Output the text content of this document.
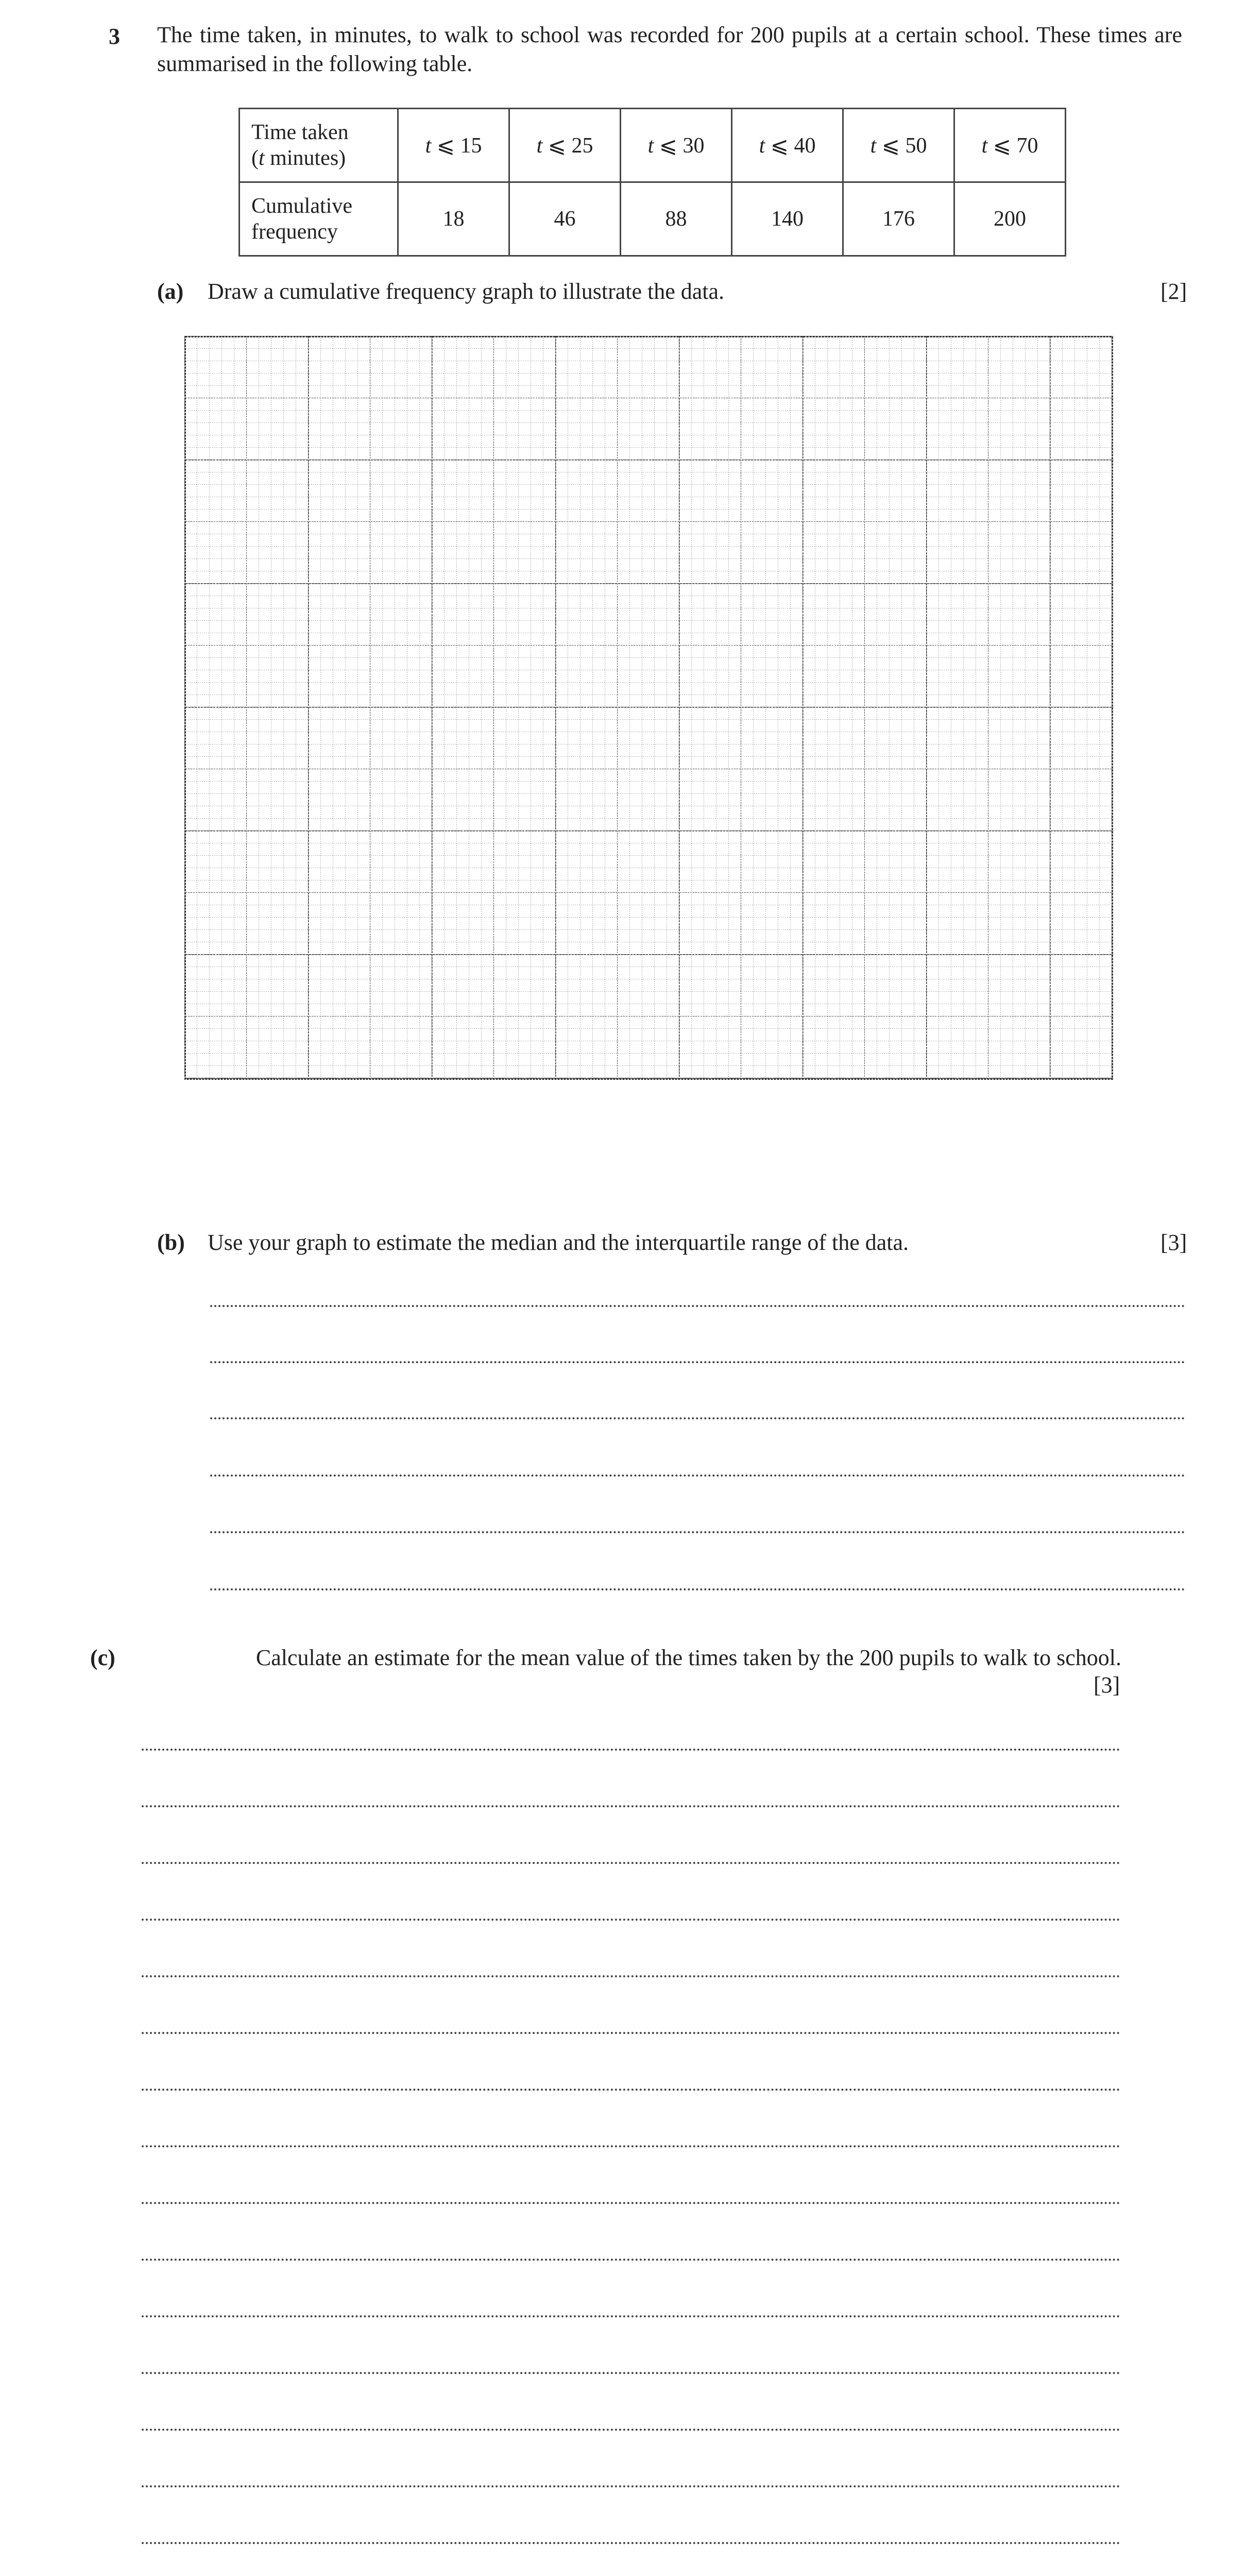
3 The time taken, in minutes, to walk to school was recorded for 200 pupils at a certain school. These times are summarised in the following table.
Time taken
(t minutes)	t ⩽ 15	t ⩽ 25	t ⩽ 30	t ⩽ 40	t ⩽ 50	t ⩽ 70
Cumulative
frequency	18	46	88	140	176	200
(a) Draw a cumulative frequency graph to illustrate the data.	[2]
(b) Use your graph to estimate the median and the interquartile range of the data.	[3]
(c)	Calculate an estimate for the mean value of the times taken by the 200 pupils to walk to school.
[3]
